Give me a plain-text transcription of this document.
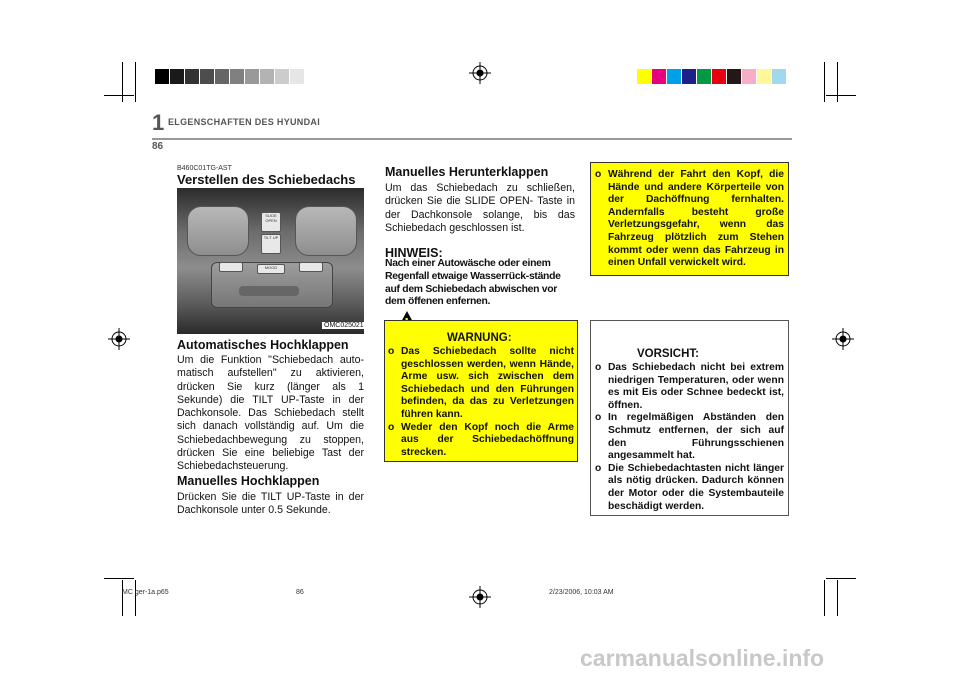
1 ELGENSCHAFTEN DES HYUNDAI
86
B460C01TG-AST
Verstellen des Schiebedachs
SLIDE OPEN
TILT UP
MOOD
OMC025021
Automatisches Hochklappen
Um die Funktion "Schiebedach auto-matisch aufstellen" zu aktivieren, drücken Sie kurz (länger als 1 Sekunde) die TILT UP-Taste in der Dachkonsole. Das Schiebedach stellt sich danach vollständig auf. Um die Schiebedachbewegung zu stoppen, drücken Sie eine beliebige Tast der Schiebedachsteuerung.
Manuelles Hochklappen
Drücken Sie die TILT UP-Taste in der Dachkonsole unter 0.5 Sekunde.
Manuelles Herunterklappen
Um das Schiebedach zu schließen, drücken Sie die SLIDE OPEN- Taste in der Dachkonsole solange, bis das Schiebedach geschlossen ist.
HINWEIS:
Nach einer Autowäsche oder einem Regenfall etwaige Wasserrück-stände auf dem Schiebedach abwischen vor dem öffenen enfernen.
WARNUNG:
o Das Schiebedach sollte nicht geschlossen werden, wenn Hände, Arme usw. sich zwischen dem Schiebedach und den Führungen befinden, da das zu Verletzungen führen kann.
o Weder den Kopf noch die Arme aus der Schiebedachöffnung strecken.
o Während der Fahrt den Kopf, die Hände und andere Körperteile von der Dachöffnung fernhalten. Andernfalls besteht große Verletzungsgefahr, wenn das Fahrzeug plötzlich zum Stehen kommt oder wenn das Fahrzeug in einen Unfall verwickelt wird.
VORSICHT:
o Das Schiebedach nicht bei extrem niedrigen Temperaturen, oder wenn es mit Eis oder Schnee bedeckt ist, öffnen.
o In regelmäßigen Abständen den Schmutz entfernen, der sich auf den Führungsschienen angesammelt hat.
o Die Schiebedachtasten nicht länger als nötig drücken. Dadurch können der Motor oder die Systembauteile beschädigt werden.
MC ger-1a.p65	86	2/23/2006, 10:03 AM
carmanualsonline.info
